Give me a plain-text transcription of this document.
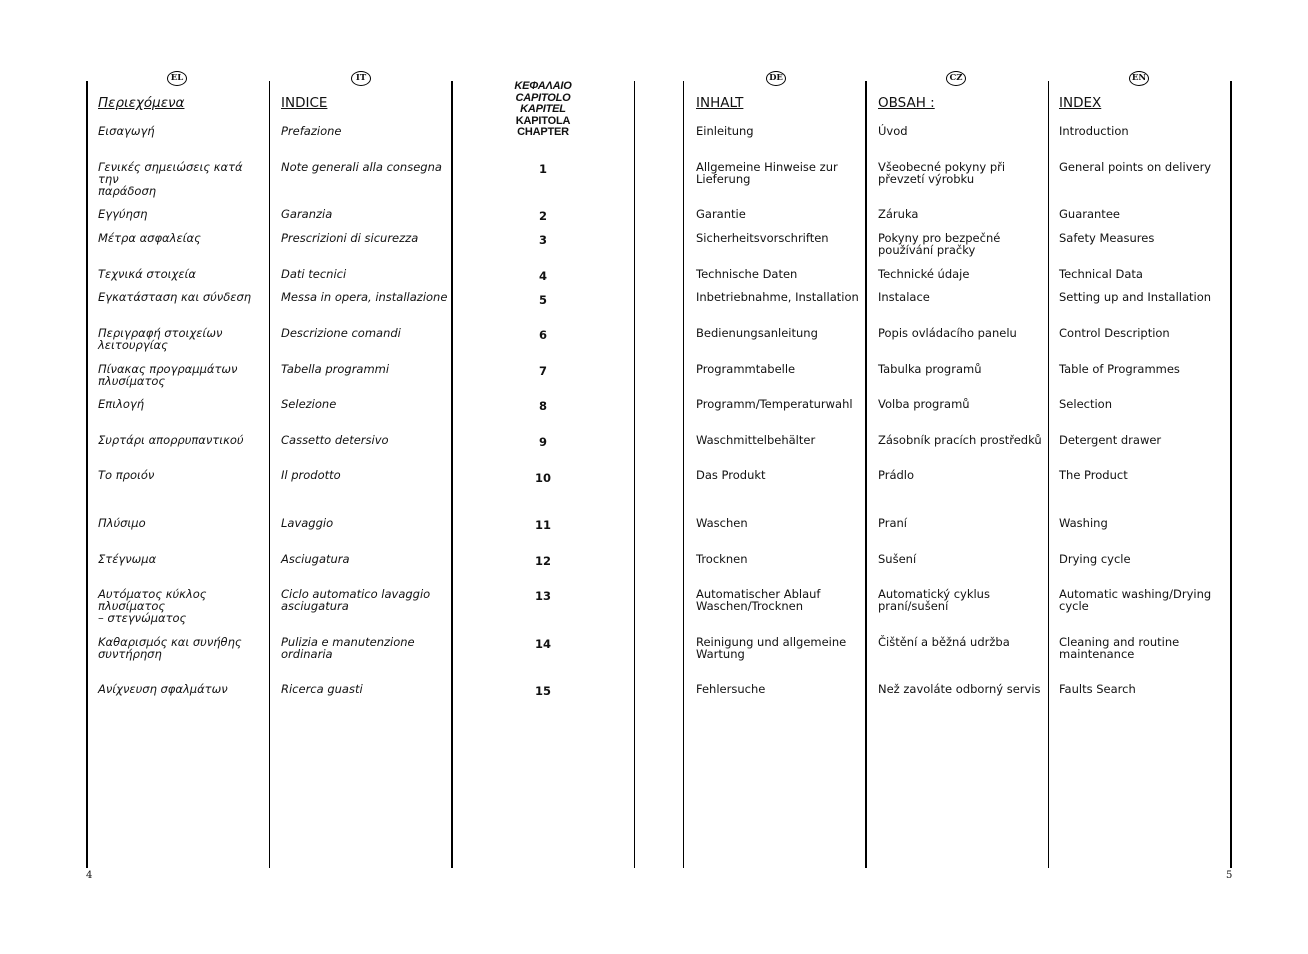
EL
Περιεχόμενα
Εισαγωγή
Γενικές σημειώσεις κατά την
παράδοση
Εγγύηση
Μέτρα ασφαλείας
Τεχνικά στοιχεία
Εγκατάσταση και σύνδεση
Περιγραφή στοιχείων
λειτουργίας
Πίνακας προγραμμάτων
πλυσίματος
Επιλογή
Συρτάρι απορρυπαντικού
Το προιόν
Πλύσιμο
Στέγνωμα
Αυτόματος κύκλος πλυσίματος
– στεγνώματος
Καθαρισμός και συνήθης
συντήρηση
Ανίχνευση σφαλμάτων
IT
INDICE
Prefazione
Note generali alla consegna
Garanzia
Prescrizioni di sicurezza
Dati tecnici
Messa in opera, installazione
Descrizione comandi
Tabella programmi
Selezione
Cassetto detersivo
Il prodotto
Lavaggio
Asciugatura
Ciclo automatico lavaggio
asciugatura
Pulizia e manutenzione
ordinaria
Ricerca guasti
ΚΕΦΑΛΑΙΟ
CAPITOLO
KAPITEL
KAPITOLA
CHAPTER
1
2
3
4
5
6
7
8
9
10
11
12
13
14
15
DE
INHALT
Einleitung
Allgemeine Hinweise zur
Lieferung
Garantie
Sicherheitsvorschriften
Technische Daten
Inbetriebnahme, Installation
Bedienungsanleitung
Programmtabelle
Programm/Temperaturwahl
Waschmittelbehälter
Das Produkt
Waschen
Trocknen
Automatischer Ablauf
Waschen/Trocknen
Reinigung und allgemeine
Wartung
Fehlersuche
CZ
OBSAH :
Úvod
Všeobecné pokyny při
převzetí výrobku
Záruka
Pokyny pro bezpečné
používání pračky
Technické údaje
Instalace
Popis ovládacího panelu
Tabulka programů
Volba programů
Zásobník pracích prostředků
Prádlo
Praní
Sušení
Automatický cyklus
praní/sušení
Čištění a běžná udržba
Než zavoláte odborný servis
EN
INDEX
Introduction
General points on delivery
Guarantee
Safety Measures
Technical Data
Setting up and Installation
Control Description
Table of Programmes
Selection
Detergent drawer
The Product
Washing
Drying cycle
Automatic washing/Drying
cycle
Cleaning and routine
maintenance
Faults Search
4	5
